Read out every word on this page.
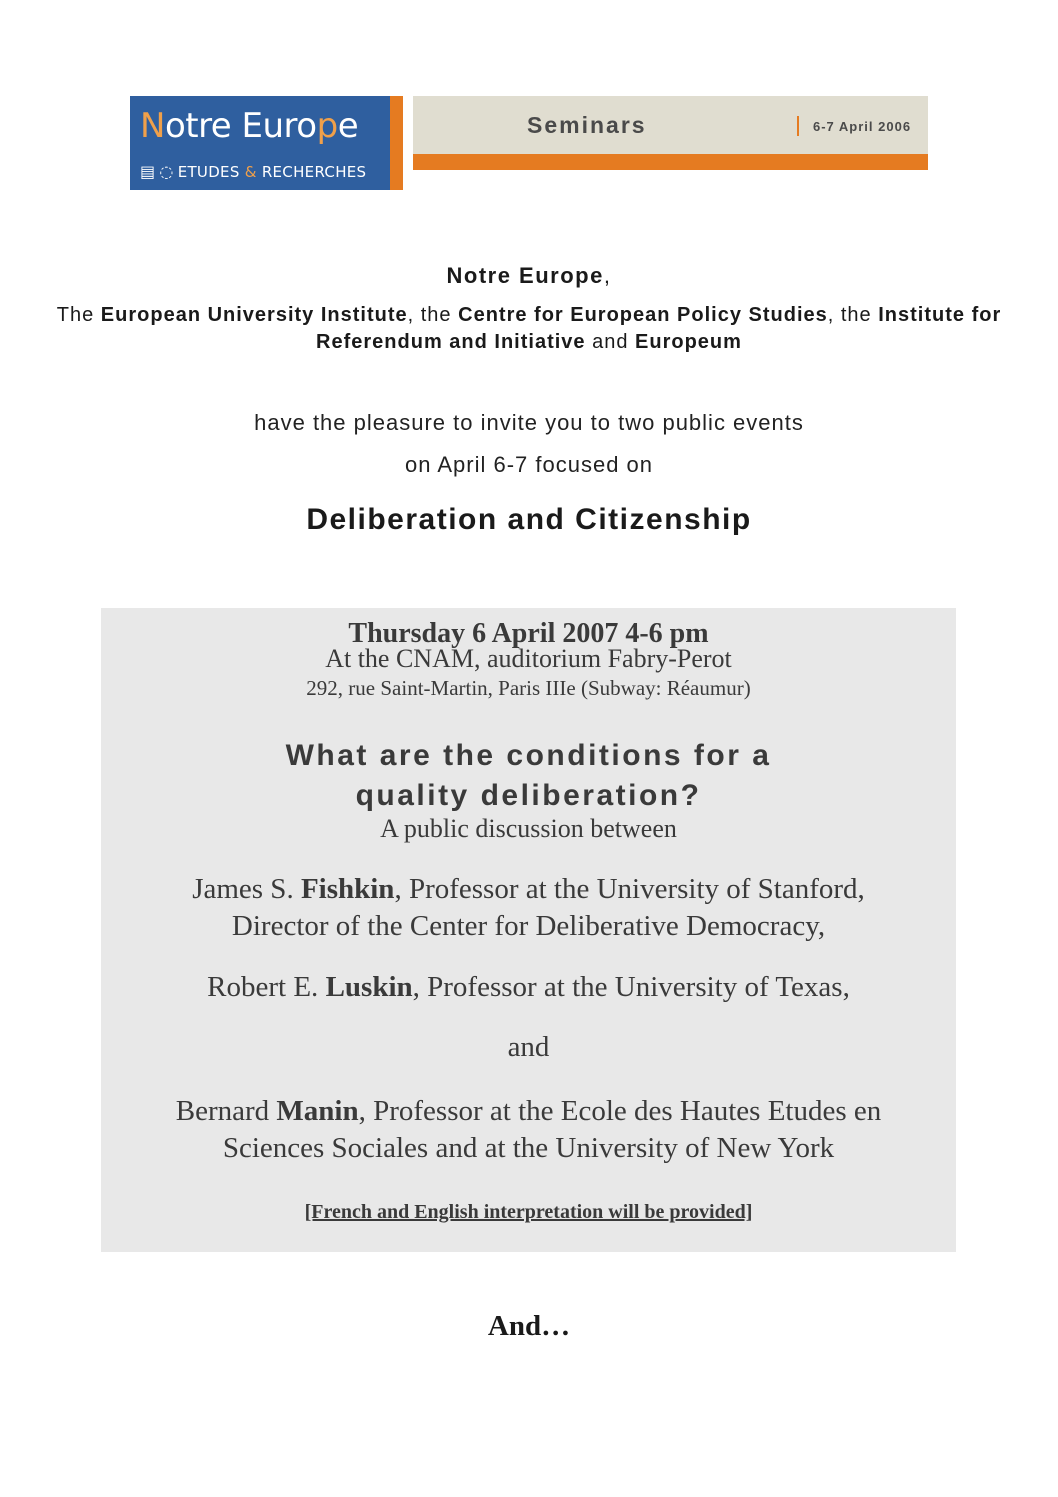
Notre Europe
▤ ◌ ETUDES & RECHERCHES
Seminars	6-7 April 2006
Notre Europe,
The European University Institute, the Centre for European Policy Studies, the Institute for Referendum and Initiative and Europeum
have the pleasure to invite you to two public events
on April 6-7 focused on
Deliberation and Citizenship
Thursday 6 April 2007 4-6 pm
At the CNAM, auditorium Fabry-Perot
292, rue Saint-Martin, Paris IIIe (Subway: Réaumur)
What are the conditions for a
quality deliberation?
A public discussion between
James S. Fishkin, Professor at the University of Stanford,
Director of the Center for Deliberative Democracy,
Robert E. Luskin, Professor at the University of Texas,
and
Bernard Manin, Professor at the Ecole des Hautes Etudes en
Sciences Sociales and at the University of New York
[French and English interpretation will be provided]
And…
